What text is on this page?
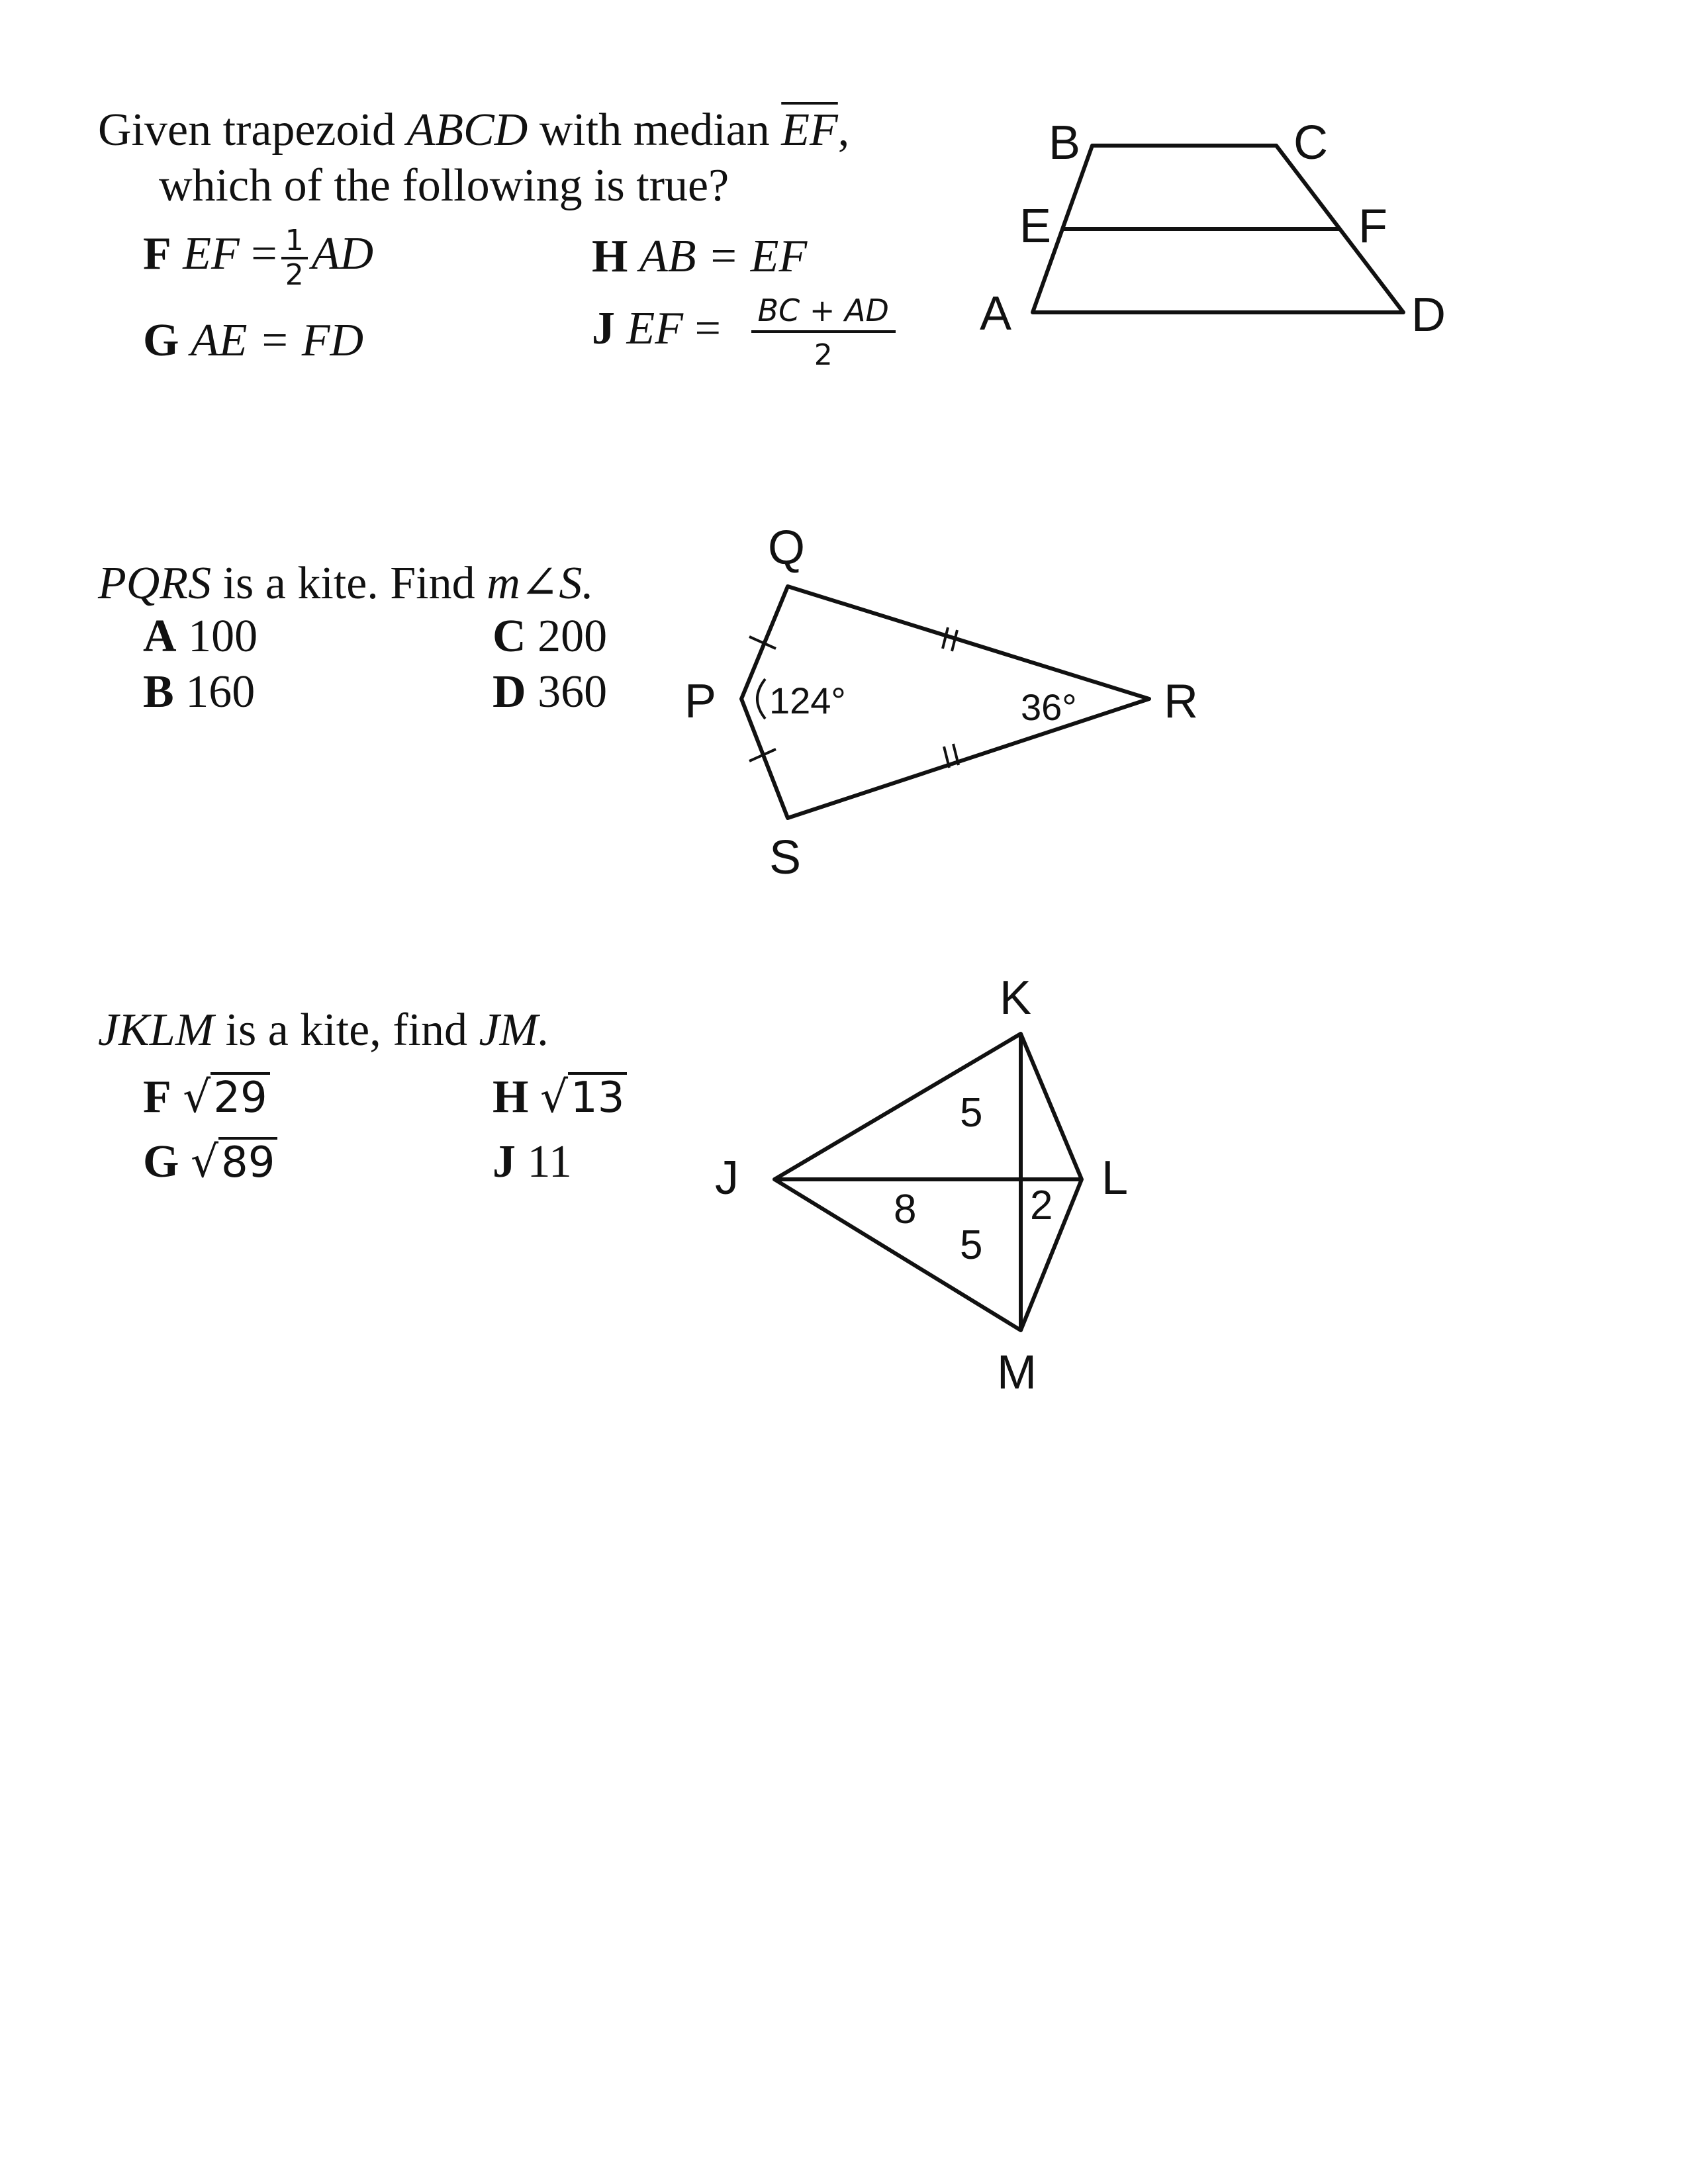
Given trapezoid ABCD with median $\overline{EF}$,
which of the following is true?
F EF = $\frac{1}{2}$ AD
G AE = FD
H AB = EF
J EF = $\frac{BC + AD}{2}$
B	C
E	F
A	D
PQRS is a kite. Find m∠S.
A 100
B 160
C 200
D 360
Q
P	R
S
124°	36°
JKLM is a kite, find JM.
F √29
G √89
H √13
J 11
K
J	L
M
5
8	2
5
